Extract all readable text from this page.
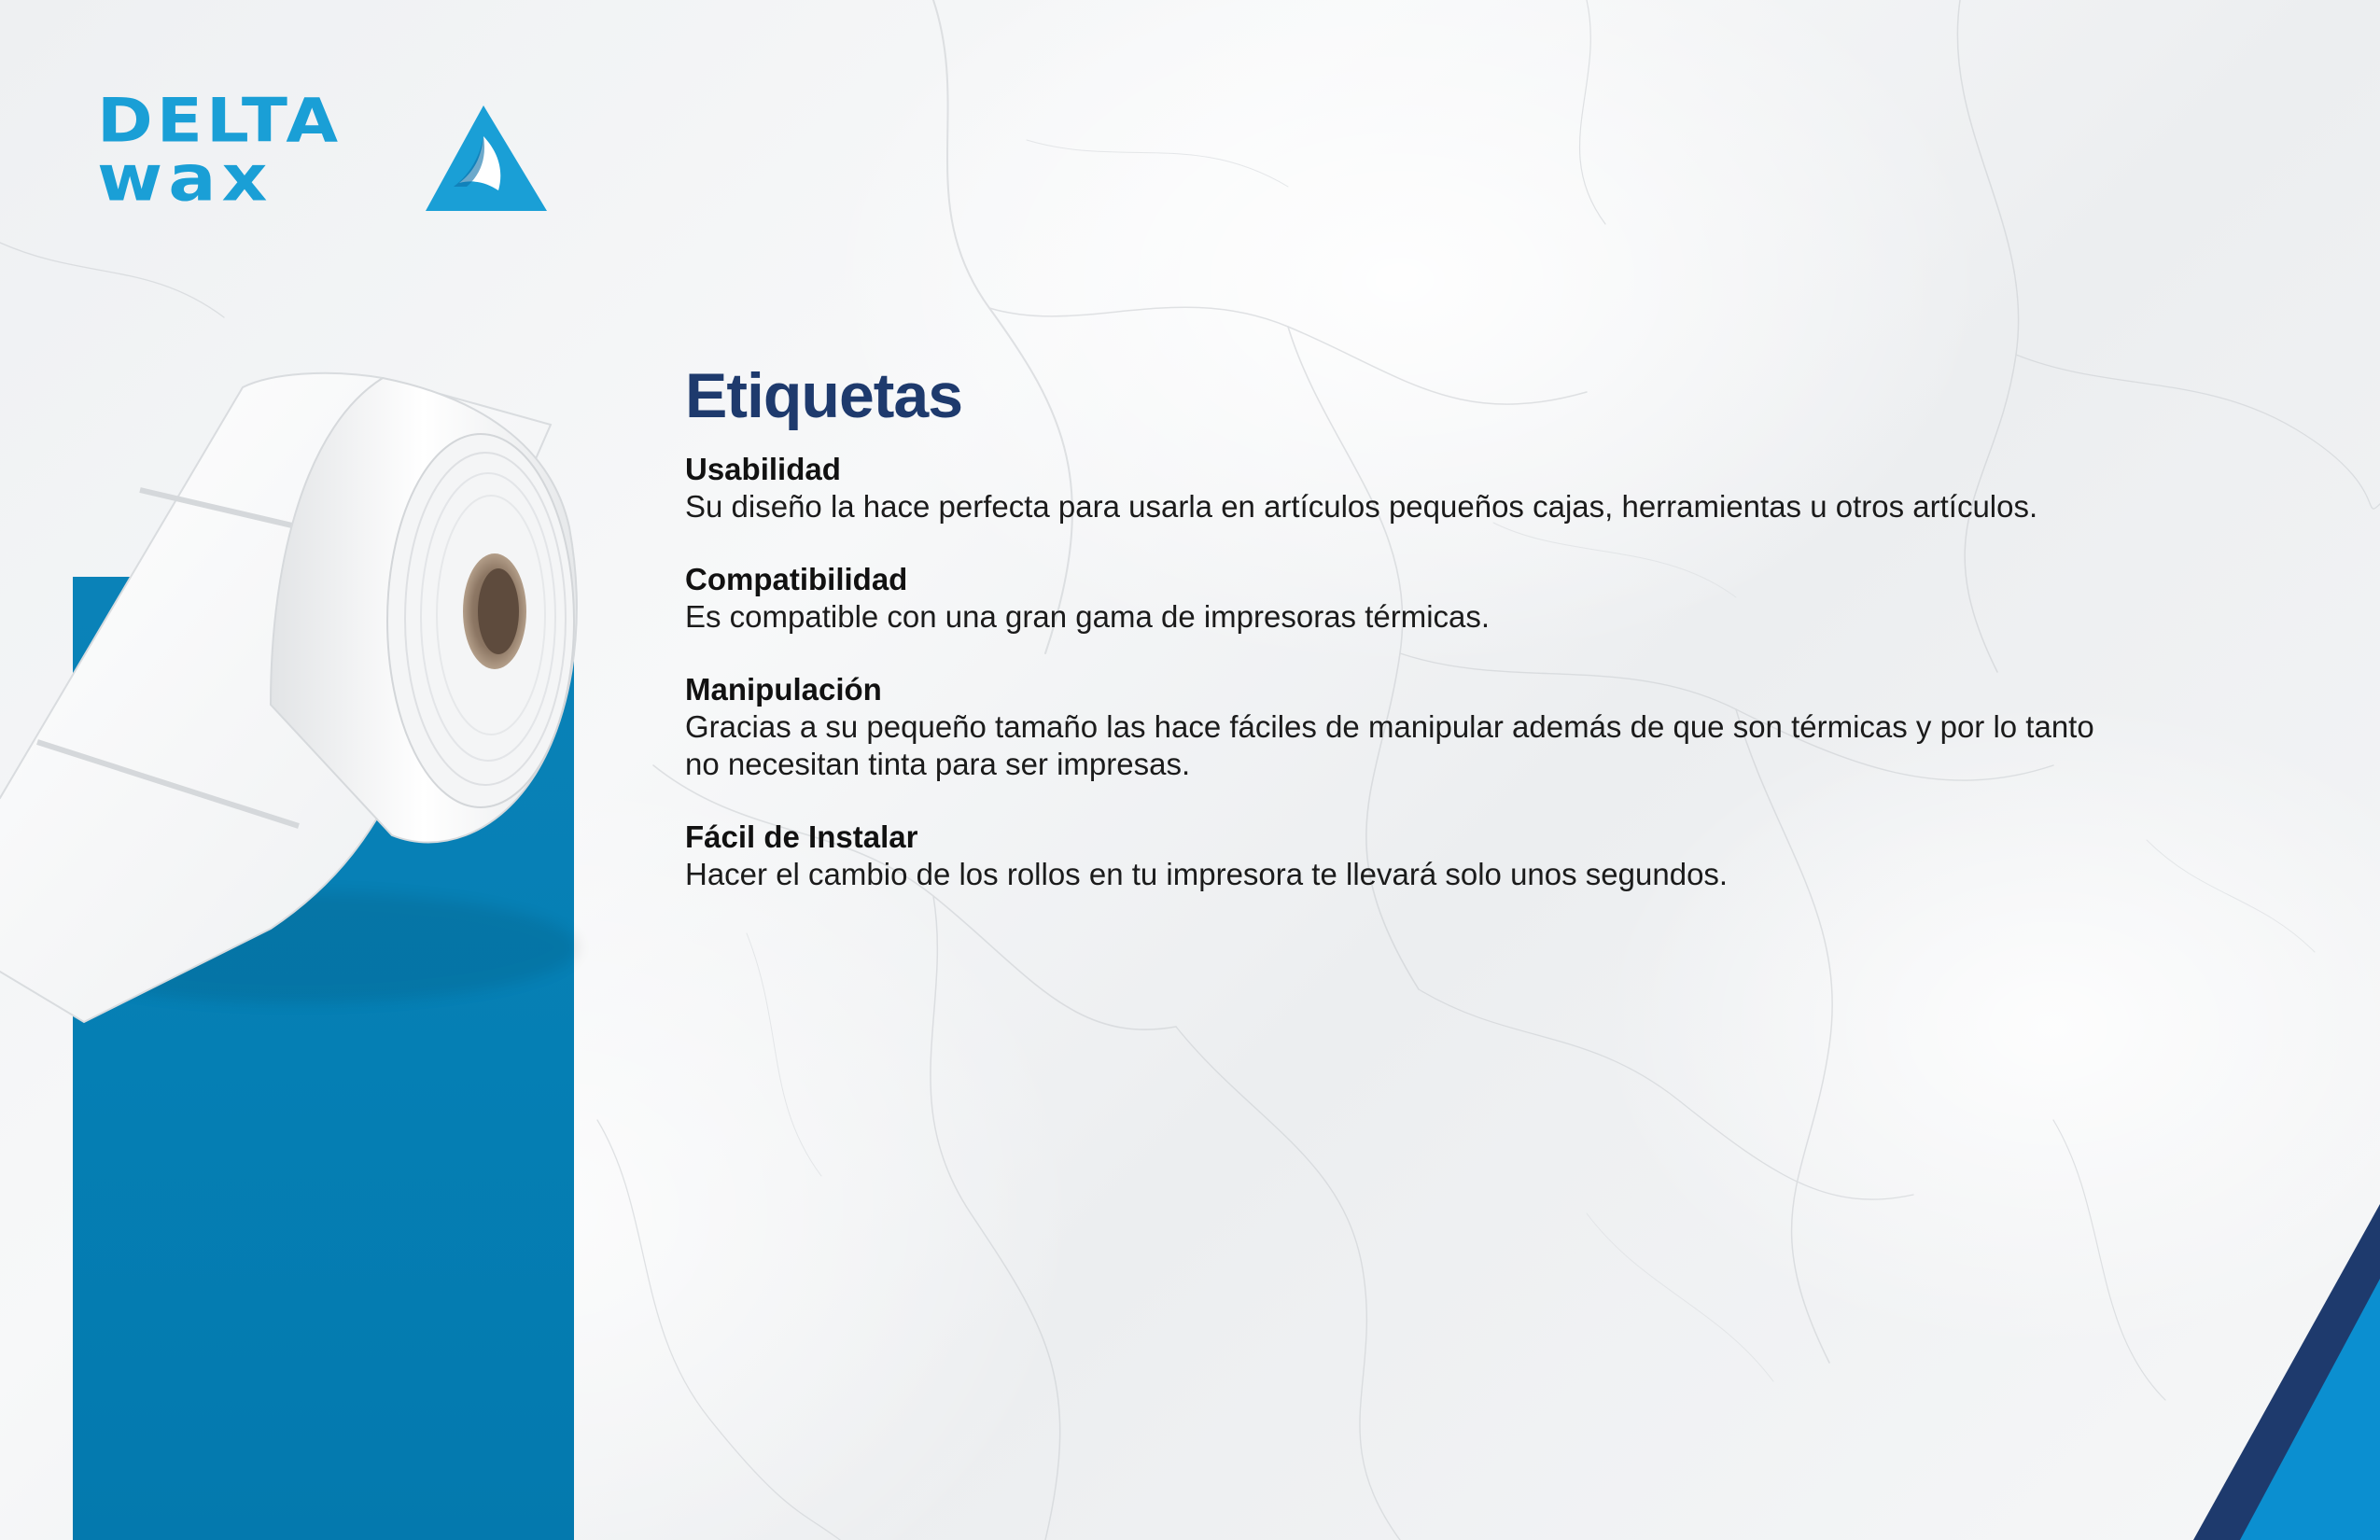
DELTA
wax
Etiquetas
Usabilidad
Su diseño la hace perfecta para usarla en artículos pequeños cajas, herramientas u otros artículos.
Compatibilidad
Es compatible con una gran gama de impresoras térmicas.
Manipulación
Gracias a su pequeño tamaño las hace fáciles de manipular además de que son térmicas y por lo tanto no necesitan tinta para ser impresas.
Fácil de Instalar
Hacer el cambio de los rollos en tu impresora te llevará solo unos segundos.
